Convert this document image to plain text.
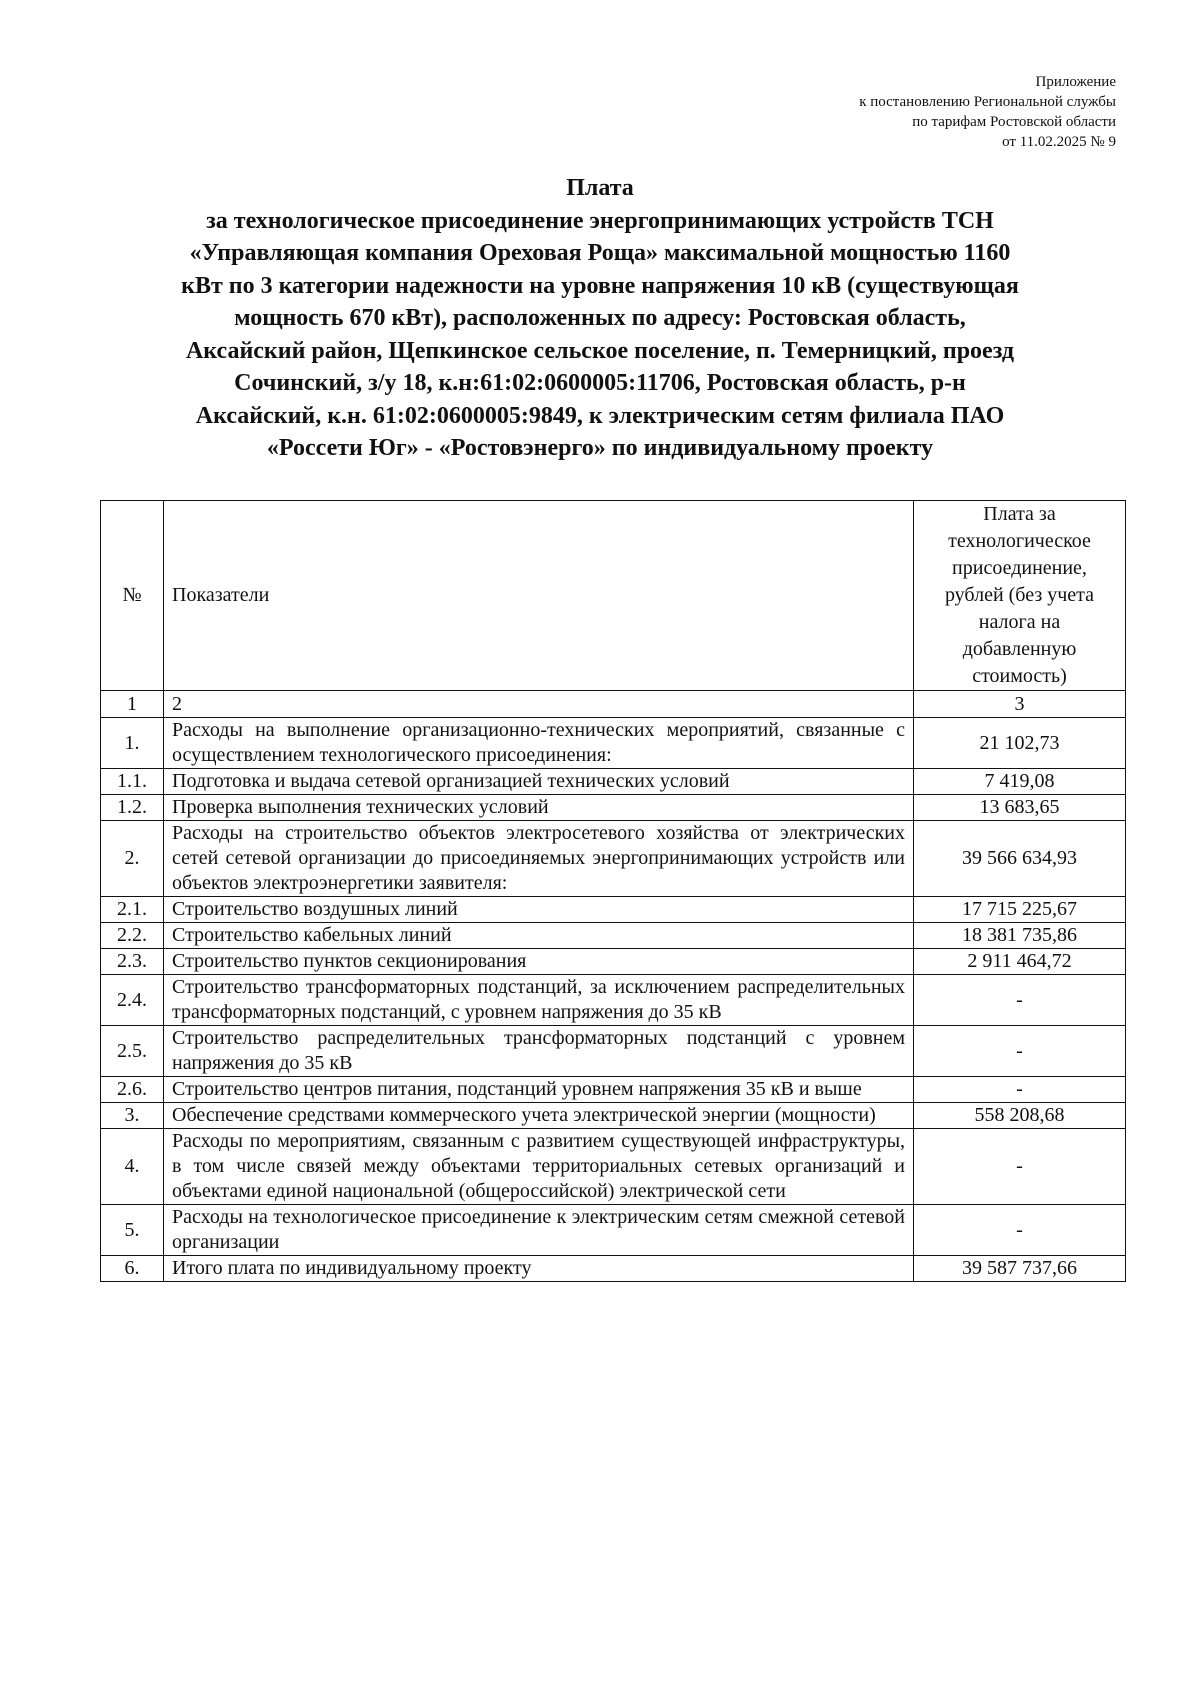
Приложение
к постановлению Региональной службы
по тарифам Ростовской области
от 11.02.2025 № 9
Плата
за технологическое присоединение энергопринимающих устройств ТСН
«Управляющая компания Ореховая Роща» максимальной мощностью 1160
кВт по 3 категории надежности на уровне напряжения 10 кВ (существующая
мощность 670 кВт), расположенных по адресу: Ростовская область,
Аксайский район, Щепкинское сельское поселение, п. Темерницкий, проезд
Сочинский, з/у 18, к.н:61:02:0600005:11706, Ростовская область, р-н
Аксайский, к.н. 61:02:0600005:9849, к электрическим сетям филиала ПАО
«Россети Юг» - «Ростовэнерго» по индивидуальному проекту
№	Показатели	Плата за технологическое присоединение, рублей (без учета налога на добавленную стоимость)
1	2	3
1.	Расходы на выполнение организационно-технических мероприятий, связанные с осуществлением технологического присоединения:	21 102,73
1.1.	Подготовка и выдача сетевой организацией технических условий	7 419,08
1.2.	Проверка выполнения технических условий	13 683,65
2.	Расходы на строительство объектов электросетевого хозяйства от электрических сетей сетевой организации до присоединяемых энергопринимающих устройств или объектов электроэнергетики заявителя:	39 566 634,93
2.1.	Строительство воздушных линий	17 715 225,67
2.2.	Строительство кабельных линий	18 381 735,86
2.3.	Строительство пунктов секционирования	2 911 464,72
2.4.	Строительство трансформаторных подстанций, за исключением распределительных трансформаторных подстанций, с уровнем напряжения до 35 кВ	-
2.5.	Строительство распределительных трансформаторных подстанций с уровнем напряжения до 35 кВ	-
2.6.	Строительство центров питания, подстанций уровнем напряжения 35 кВ и выше	-
3.	Обеспечение средствами коммерческого учета электрической энергии (мощности)	558 208,68
4.	Расходы по мероприятиям, связанным с развитием существующей инфраструктуры, в том числе связей между объектами территориальных сетевых организаций и объектами единой национальной (общероссийской) электрической сети	-
5.	Расходы на технологическое присоединение к электрическим сетям смежной сетевой организации	-
6.	Итого плата по индивидуальному проекту	39 587 737,66
